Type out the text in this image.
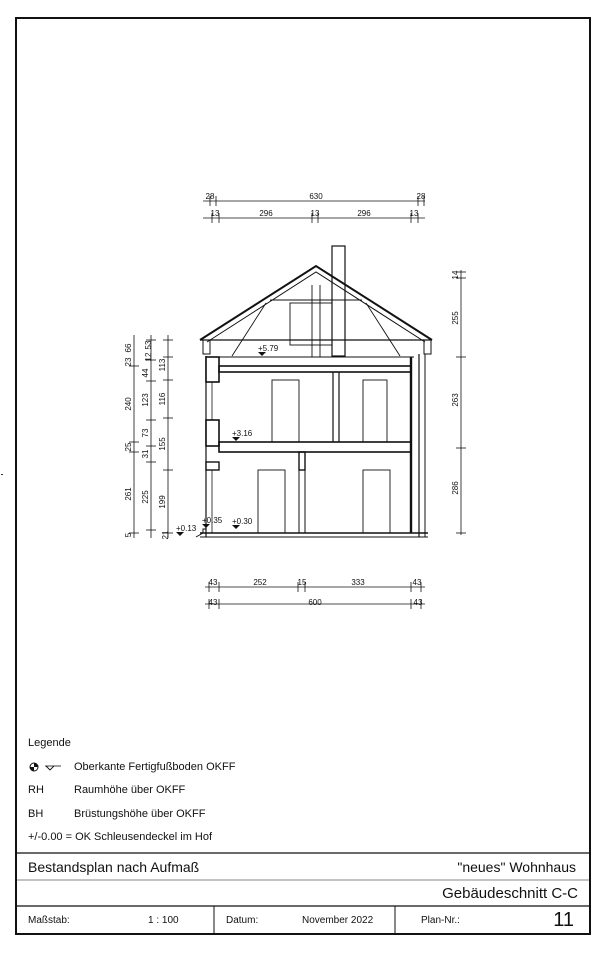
28	630	28
13	296	13	296	13
43	252	15	333	43
43	600	43
14
255
263
286
240
25
261
5
66
23
44
123
73
31
225
21
53
12
113
116
155
199
+5.79
+3.16
+0.35 +0.30
+0.13
Legende
Oberkante Fertigfußboden OKFF
RH	Raumhöhe über OKFF
BH	Brüstungshöhe über OKFF
+/-0.00 = OK Schleusendeckel im Hof
Bestandsplan nach Aufmaß	"neues" Wohnhaus
Gebäudeschnitt C-C
Maßstab:	1 : 100	Datum:	November 2022	Plan-Nr.:	11
